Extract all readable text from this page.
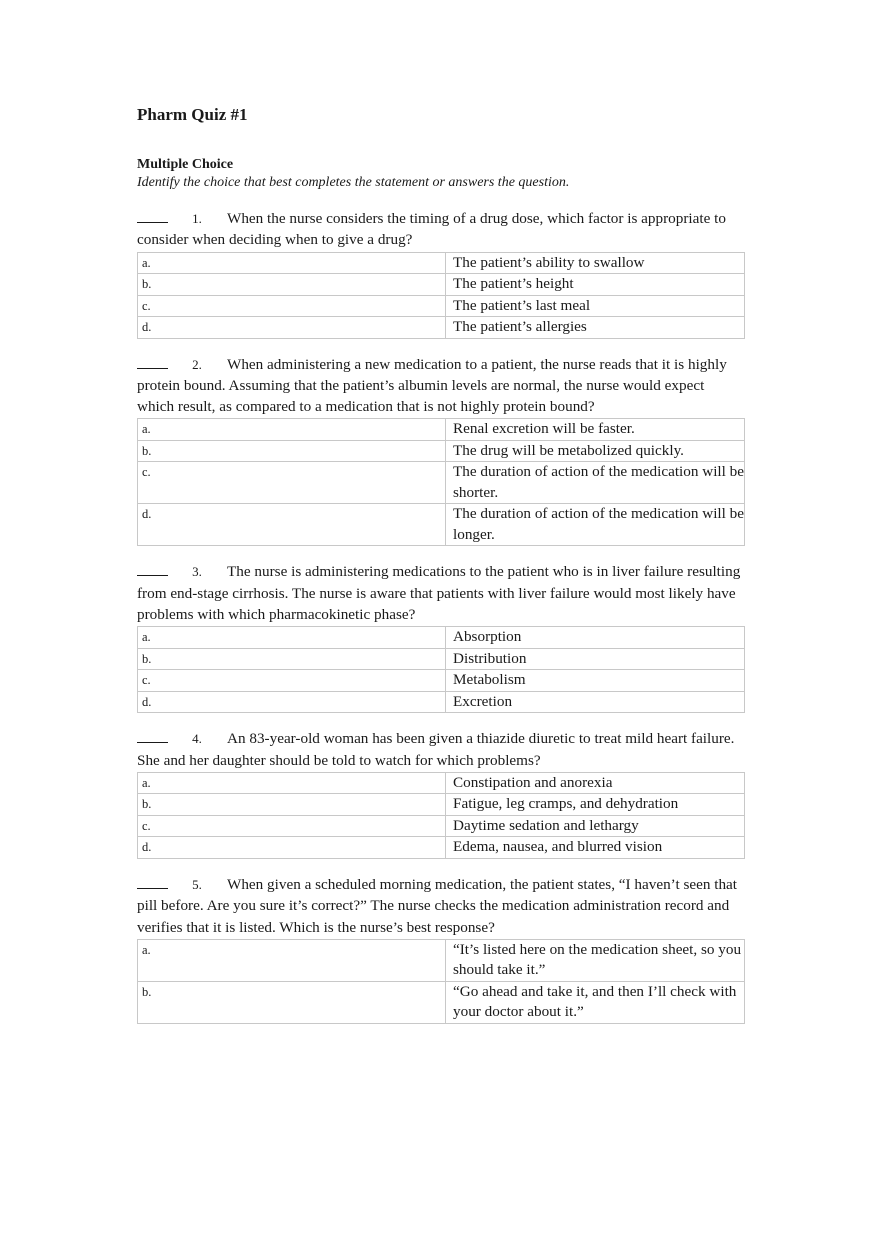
Pharm Quiz #1
Multiple Choice
Identify the choice that best completes the statement or answers the question.
1. When the nurse considers the timing of a drug dose, which factor is appropriate to consider when deciding when to give a drug?
a.	The patient’s ability to swallow
b.	The patient’s height
c.	The patient’s last meal
d.	The patient’s allergies
2. When administering a new medication to a patient, the nurse reads that it is highly protein bound. Assuming that the patient’s albumin levels are normal, the nurse would expect which result, as compared to a medication that is not highly protein bound?
a.	Renal excretion will be faster.
b.	The drug will be metabolized quickly.
c.	The duration of action of the medication will be shorter.
d.	The duration of action of the medication will be longer.
3. The nurse is administering medications to the patient who is in liver failure resulting from end-stage cirrhosis. The nurse is aware that patients with liver failure would most likely have problems with which pharmacokinetic phase?
a.	Absorption
b.	Distribution
c.	Metabolism
d.	Excretion
4. An 83-year-old woman has been given a thiazide diuretic to treat mild heart failure. She and her daughter should be told to watch for which problems?
a.	Constipation and anorexia
b.	Fatigue, leg cramps, and dehydration
c.	Daytime sedation and lethargy
d.	Edema, nausea, and blurred vision
5. When given a scheduled morning medication, the patient states, “I haven’t seen that pill before. Are you sure it’s correct?” The nurse checks the medication administration record and verifies that it is listed. Which is the nurse’s best response?
a.	“It’s listed here on the medication sheet, so you should take it.”
b.	“Go ahead and take it, and then I’ll check with your doctor about it.”
